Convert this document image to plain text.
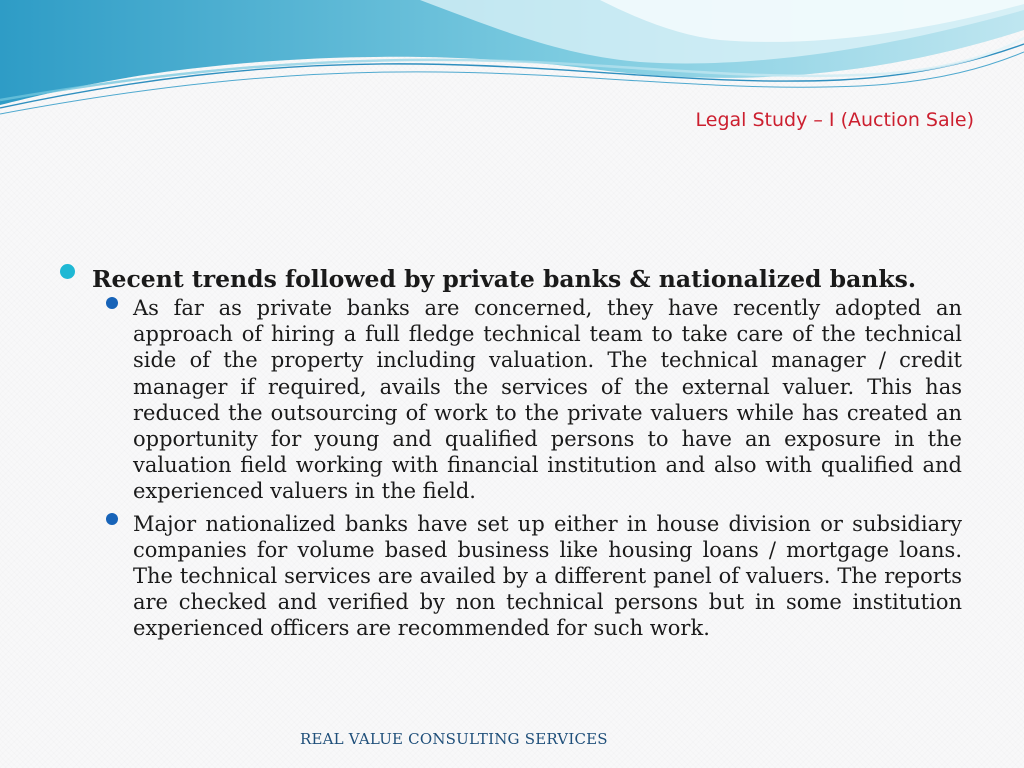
Legal Study – I (Auction Sale)
Recent trends followed by private banks & nationalized banks.
As far as private banks are concerned, they have recently adopted an approach of hiring a full fledge technical team to take care of the technical side of the property including valuation. The technical manager / credit manager if required, avails the services of the external valuer. This has reduced the outsourcing of work to the private valuers while has created an opportunity for young and qualified persons to have an exposure in the valuation field working with financial institution and also with qualified and experienced valuers in the field.
Major nationalized banks have set up either in house division or subsidiary companies for volume based business like housing loans / mortgage loans. The technical services are availed by a different panel of valuers. The reports are checked and verified by non technical persons but in some institution experienced officers are recommended for such work.
REAL VALUE CONSULTING SERVICES
